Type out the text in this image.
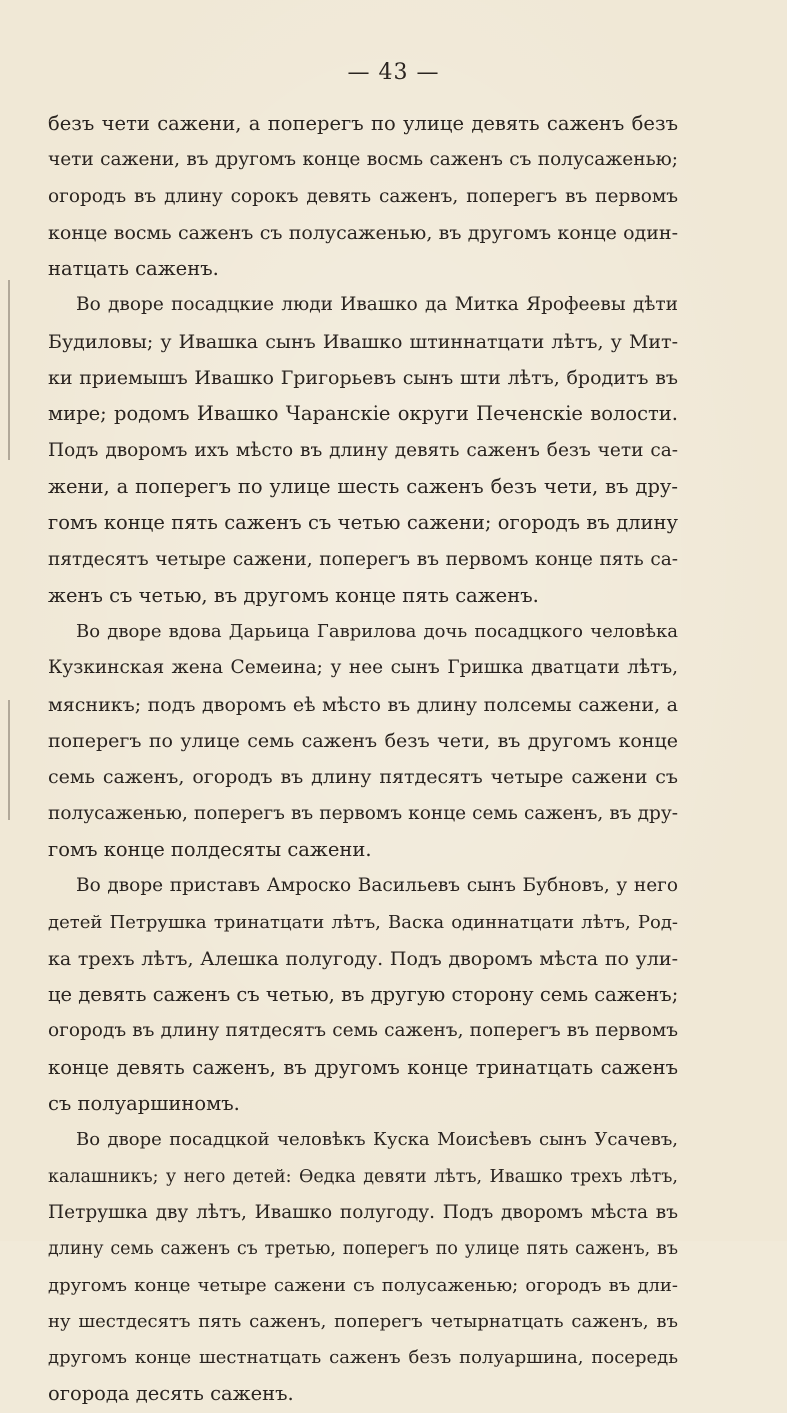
— 43 —
безъ чети сажени, а поперегъ по улице девять саженъ безъ
чети сажени, въ другомъ конце восмь саженъ съ полусаженью;
огородъ въ длину сорокъ девять саженъ, поперегъ въ первомъ
конце восмь саженъ съ полусаженью, въ другомъ конце один-
натцать саженъ.
Во дворе посадцкие люди Ивашко да Митка Ярофеевы дѣти
Будиловы; у Ивашка сынъ Ивашко штиннатцати лѣтъ, у Мит-
ки приемышъ Ивашко Григорьевъ сынъ шти лѣтъ, бродитъ въ
мире; родомъ Ивашко Чаранскіе округи Печенскіе волости.
Подъ дворомъ ихъ мѣсто въ длину девять саженъ безъ чети са-
жени, а поперегъ по улице шесть саженъ безъ чети, въ дру-
гомъ конце пять саженъ съ четью сажени; огородъ въ длину
пятдесятъ четыре сажени, поперегъ въ первомъ конце пять са-
женъ съ четью, въ другомъ конце пять саженъ.
Во дворе вдова Дарьица Гаврилова дочь посадцкого человѣка
Кузкинская жена Семеина; у нее сынъ Гришка дватцати лѣтъ,
мясникъ; подъ дворомъ еѣ мѣсто въ длину полсемы сажени, а
поперегъ по улице семь саженъ безъ чети, въ другомъ конце
семь саженъ, огородъ въ длину пятдесятъ четыре сажени съ
полусаженью, поперегъ въ первомъ конце семь саженъ, въ дру-
гомъ конце полдесяты сажени.
Во дворе приставъ Амроско Васильевъ сынъ Бубновъ, у него
детей Петрушка тринатцати лѣтъ, Васка одиннатцати лѣтъ, Род-
ка трехъ лѣтъ, Алешка полугоду. Подъ дворомъ мѣста по ули-
це девять саженъ съ четью, въ другую сторону семь саженъ;
огородъ въ длину пятдесятъ семь саженъ, поперегъ въ первомъ
конце девять саженъ, въ другомъ конце тринатцать саженъ
съ полуаршиномъ.
Во дворе посадцкой человѣкъ Куска Моисѣевъ сынъ Усачевъ,
калашникъ; у него детей: Ѳедка девяти лѣтъ, Ивашко трехъ лѣтъ,
Петрушка дву лѣтъ, Ивашко полугоду. Подъ дворомъ мѣста въ
длину семь саженъ съ третью, поперегъ по улице пять саженъ, въ
другомъ конце четыре сажени съ полусаженью; огородъ въ дли-
ну шестдесятъ пять саженъ, поперегъ четырнатцать саженъ, въ
другомъ конце шестнатцать саженъ безъ полуаршина, посередь
огорода десять саженъ.
